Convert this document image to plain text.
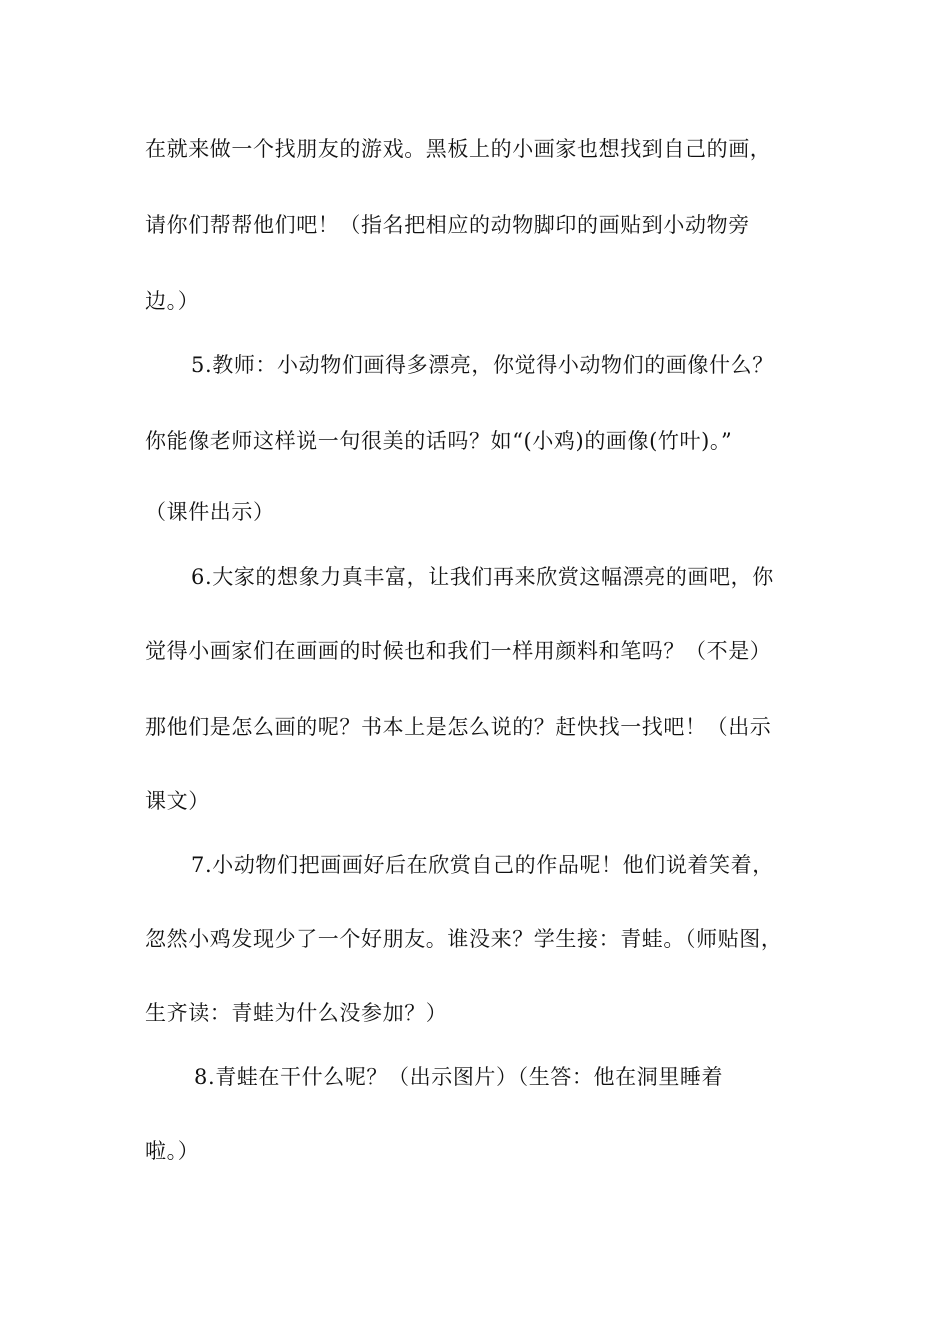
在就来做一个找朋友的游戏。黑板上的小画家也想找到自己的画，
请你们帮帮他们吧！（指名把相应的动物脚印的画贴到小动物旁
边。）
5.教师：小动物们画得多漂亮，你觉得小动物们的画像什么？
你能像老师这样说一句很美的话吗？如“(小鸡)的画像(竹叶)。”
（课件出示）
6.大家的想象力真丰富，让我们再来欣赏这幅漂亮的画吧，你
觉得小画家们在画画的时候也和我们一样用颜料和笔吗？（不是）
那他们是怎么画的呢？书本上是怎么说的？赶快找一找吧！（出示
课文）
7.小动物们把画画好后在欣赏自己的作品呢！他们说着笑着，
忽然小鸡发现少了一个好朋友。谁没来？学生接：青蛙。（师贴图，
生齐读：青蛙为什么没参加？）
8.青蛙在干什么呢？（出示图片）（生答：他在洞里睡着
啦。）
